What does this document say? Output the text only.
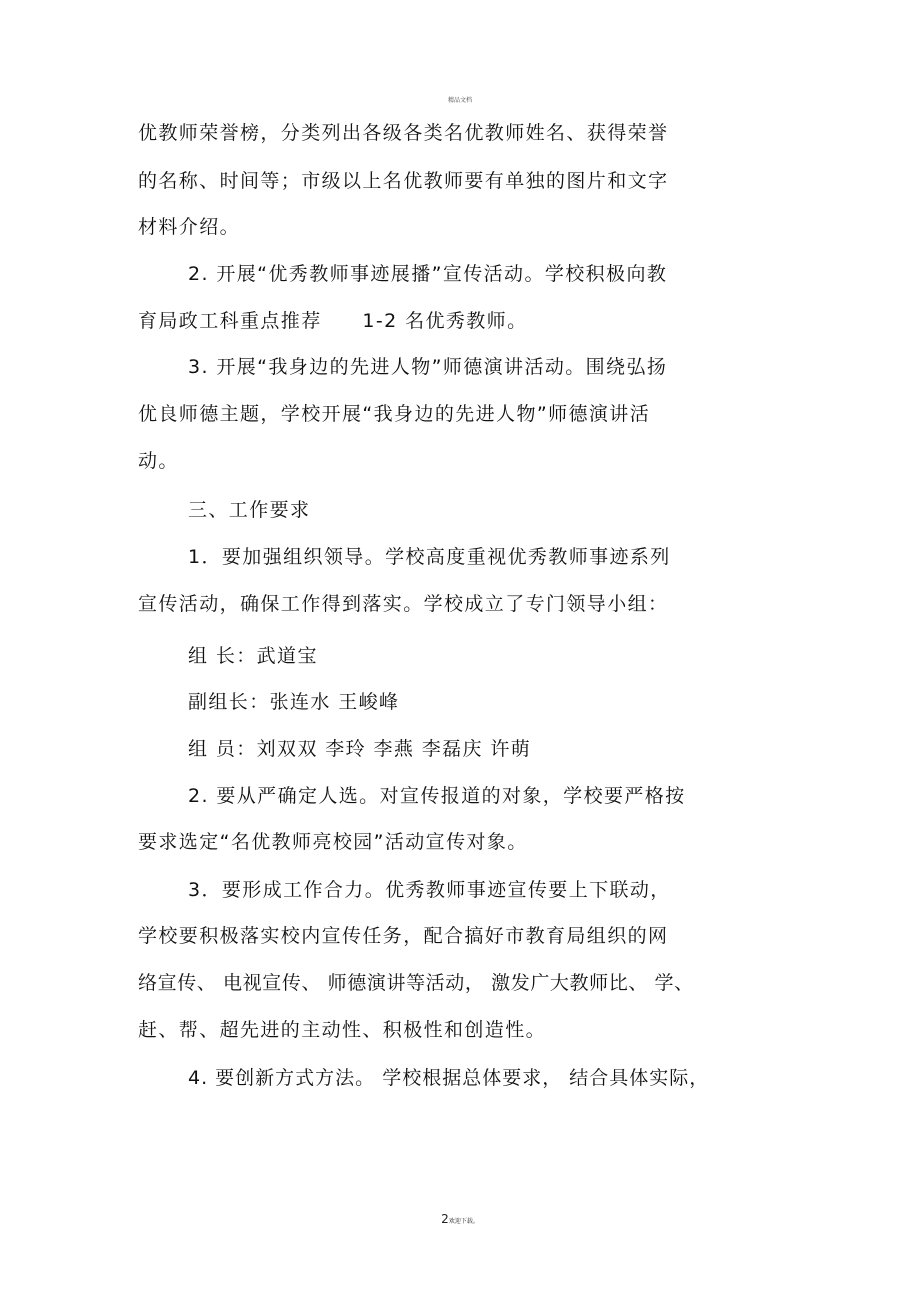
精品文档

优教师荣誉榜，分类列出各级各类名优教师姓名、获得荣誉

的名称、时间等；市级以上名优教师要有单独的图片和文字

材料介绍。

2. 开展“优秀教师事迹展播”宣传活动。学校积极向教

育局政工科重点推荐　　1-2 名优秀教师。

3. 开展“我身边的先进人物”师德演讲活动。围绕弘扬

优良师德主题，学校开展“我身边的先进人物”师德演讲活

动。

三、工作要求

1．要加强组织领导。学校高度重视优秀教师事迹系列

宣传活动，确保工作得到落实。学校成立了专门领导小组：

组 长：武道宝

副组长：张连水 王峻峰

组 员：刘双双 李玲 李燕 李磊庆 许萌

2. 要从严确定人选。对宣传报道的对象，学校要严格按

要求选定“名优教师亮校园”活动宣传对象。

3．要形成工作合力。优秀教师事迹宣传要上下联动，

学校要积极落实校内宣传任务，配合搞好市教育局组织的网

络宣传、 电视宣传、 师德演讲等活动， 激发广大教师比、 学、

赶、帮、超先进的主动性、积极性和创造性。

4. 要创新方式方法。 学校根据总体要求， 结合具体实际，

2欢迎下载。
